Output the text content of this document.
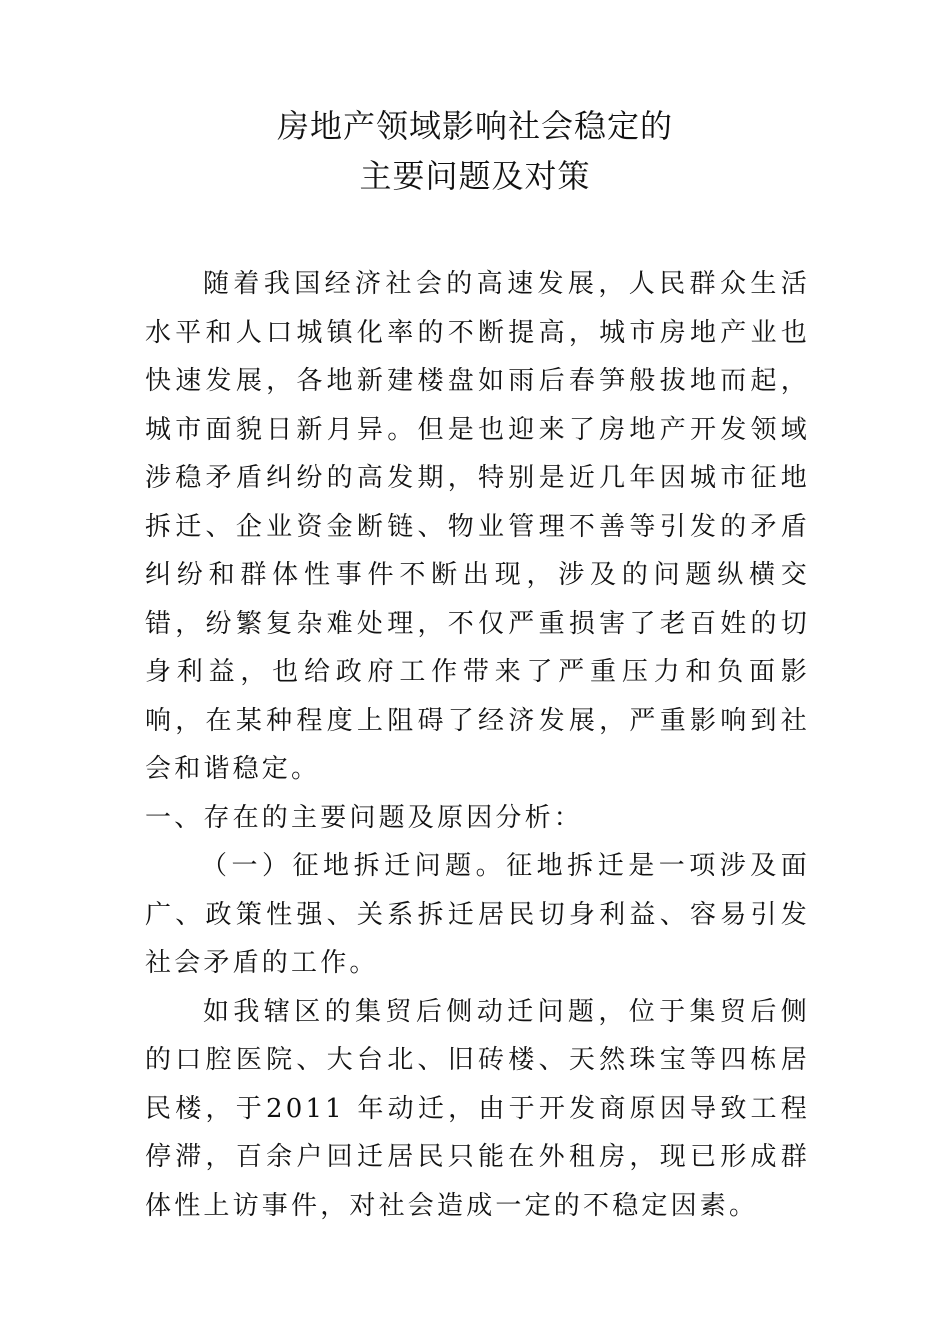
房地产领域影响社会稳定的
主要问题及对策

随着我国经济社会的高速发展，人民群众生活水平和人口城镇化率的不断提高，城市房地产业也快速发展，各地新建楼盘如雨后春笋般拔地而起，城市面貌日新月异。但是也迎来了房地产开发领域涉稳矛盾纠纷的高发期，特别是近几年因城市征地拆迁、企业资金断链、物业管理不善等引发的矛盾纠纷和群体性事件不断出现，涉及的问题纵横交错，纷繁复杂难处理，不仅严重损害了老百姓的切身利益，也给政府工作带来了严重压力和负面影响，在某种程度上阻碍了经济发展，严重影响到社会和谐稳定。

一、存在的主要问题及原因分析：

（一）征地拆迁问题。征地拆迁是一项涉及面广、政策性强、关系拆迁居民切身利益、容易引发社会矛盾的工作。

如我辖区的集贸后侧动迁问题，位于集贸后侧的口腔医院、大台北、旧砖楼、天然珠宝等四栋居民楼，于2011 年动迁，由于开发商原因导致工程停滞，百余户回迁居民只能在外租房，现已形成群体性上访事件，对社会造成一定的不稳定因素。
